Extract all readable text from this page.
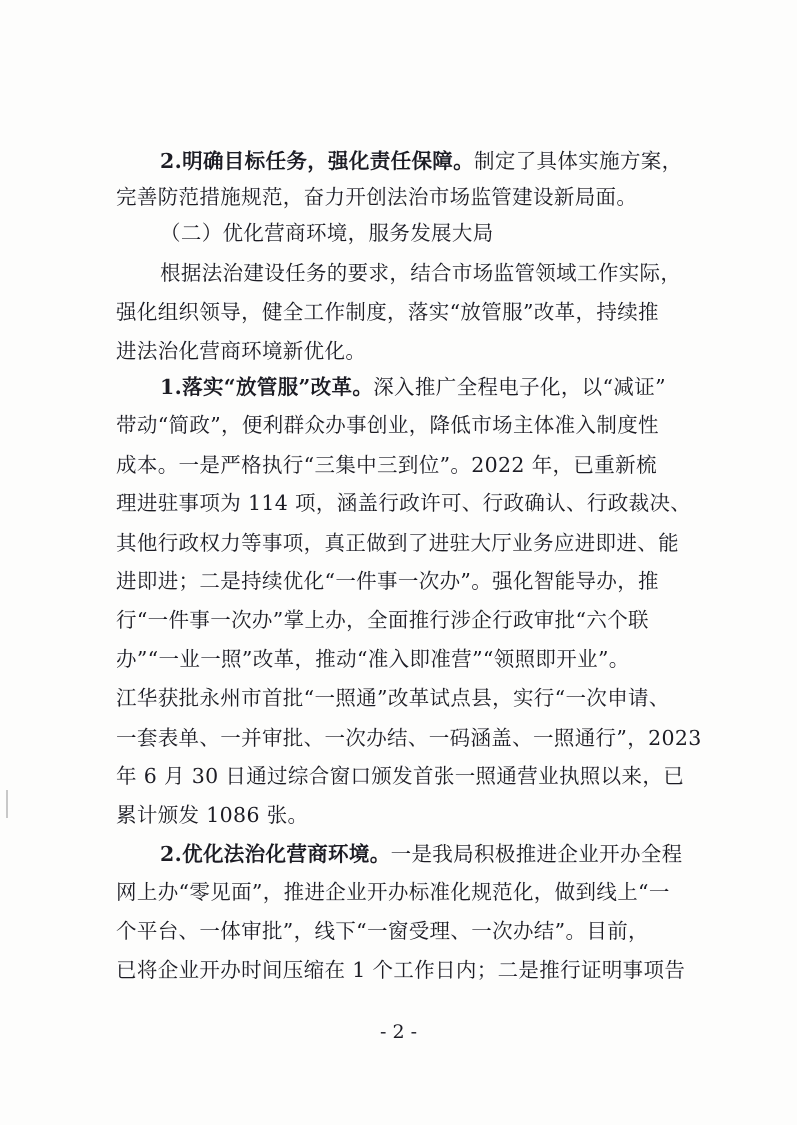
2.明确目标任务，强化责任保障。制定了具体实施方案，
完善防范措施规范，奋力开创法治市场监管建设新局面。
（二）优化营商环境，服务发展大局
根据法治建设任务的要求，结合市场监管领域工作实际，
强化组织领导，健全工作制度，落实“放管服”改革，持续推
进法治化营商环境新优化。
1.落实“放管服”改革。深入推广全程电子化，以“减证”
带动“简政”，便利群众办事创业，降低市场主体准入制度性
成本。一是严格执行“三集中三到位”。2022 年，已重新梳
理进驻事项为 114 项，涵盖行政许可、行政确认、行政裁决、
其他行政权力等事项，真正做到了进驻大厅业务应进即进、能
进即进；二是持续优化“一件事一次办”。强化智能导办，推
行“一件事一次办”掌上办，全面推行涉企行政审批“六个联
办”“一业一照”改革，推动“准入即准营”“领照即开业”。
江华获批永州市首批“一照通”改革试点县，实行“一次申请、
一套表单、一并审批、一次办结、一码涵盖、一照通行”，2023
年 6 月 30 日通过综合窗口颁发首张一照通营业执照以来，已
累计颁发 1086 张。
2.优化法治化营商环境。一是我局积极推进企业开办全程
网上办“零见面”，推进企业开办标准化规范化，做到线上“一
个平台、一体审批”，线下“一窗受理、一次办结”。目前，
已将企业开办时间压缩在 1 个工作日内；二是推行证明事项告
- 2 -
